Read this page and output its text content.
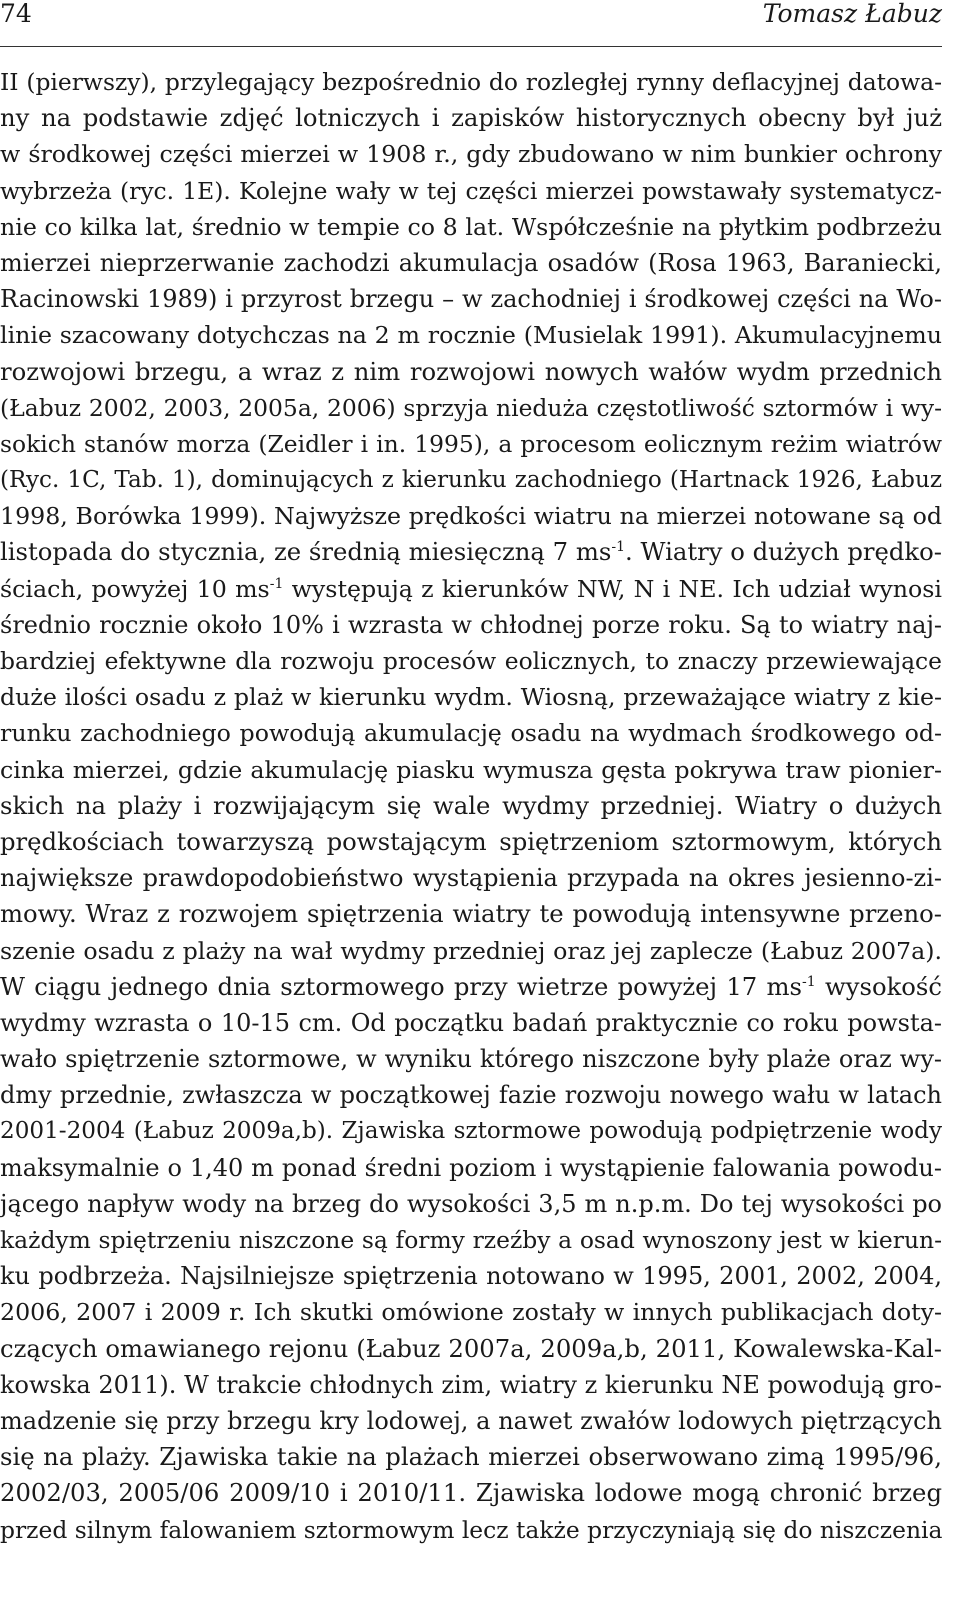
74	Tomasz Łabuz
II (pierwszy), przylegający bezpośrednio do rozległej rynny deflacyjnej datowa-
ny na podstawie zdjęć lotniczych i zapisków historycznych obecny był już
w środkowej części mierzei w 1908 r., gdy zbudowano w nim bunkier ochrony
wybrzeża (ryc. 1E). Kolejne wały w tej części mierzei powstawały systematycz-
nie co kilka lat, średnio w tempie co 8 lat. Współcześnie na płytkim podbrzeżu
mierzei nieprzerwanie zachodzi akumulacja osadów (Rosa 1963, Baraniecki,
Racinowski 1989) i przyrost brzegu – w zachodniej i środkowej części na Wo-
linie szacowany dotychczas na 2 m rocznie (Musielak 1991). Akumulacyjnemu
rozwojowi brzegu, a wraz z nim rozwojowi nowych wałów wydm przednich
(Łabuz 2002, 2003, 2005a, 2006) sprzyja nieduża częstotliwość sztormów i wy-
sokich stanów morza (Zeidler i in. 1995), a procesom eolicznym reżim wiatrów
(Ryc. 1C, Tab. 1), dominujących z kierunku zachodniego (Hartnack 1926, Łabuz
1998, Borówka 1999). Najwyższe prędkości wiatru na mierzei notowane są od
listopada do stycznia, ze średnią miesięczną 7 $ms^{-1}$. Wiatry o dużych prędko-
ściach, powyżej 10 $ms^{-1}$ występują z kierunków NW, N i NE. Ich udział wynosi
średnio rocznie około 10% i wzrasta w chłodnej porze roku. Są to wiatry naj-
bardziej efektywne dla rozwoju procesów eolicznych, to znaczy przewiewające
duże ilości osadu z plaż w kierunku wydm. Wiosną, przeważające wiatry z kie-
runku zachodniego powodują akumulację osadu na wydmach środkowego od-
cinka mierzei, gdzie akumulację piasku wymusza gęsta pokrywa traw pionier-
skich na plaży i rozwijającym się wale wydmy przedniej. Wiatry o dużych
prędkościach towarzyszą powstającym spiętrzeniom sztormowym, których
największe prawdopodobieństwo wystąpienia przypada na okres jesienno-zi-
mowy. Wraz z rozwojem spiętrzenia wiatry te powodują intensywne przeno-
szenie osadu z plaży na wał wydmy przedniej oraz jej zaplecze (Łabuz 2007a).
W ciągu jednego dnia sztormowego przy wietrze powyżej 17 $ms^{-1}$ wysokość
wydmy wzrasta o 10-15 cm. Od początku badań praktycznie co roku powsta-
wało spiętrzenie sztormowe, w wyniku którego niszczone były plaże oraz wy-
dmy przednie, zwłaszcza w początkowej fazie rozwoju nowego wału w latach
2001-2004 (Łabuz 2009a,b). Zjawiska sztormowe powodują podpiętrzenie wody
maksymalnie o 1,40 m ponad średni poziom i wystąpienie falowania powodu-
jącego napływ wody na brzeg do wysokości 3,5 m n.p.m. Do tej wysokości po
każdym spiętrzeniu niszczone są formy rzeźby a osad wynoszony jest w kierun-
ku podbrzeża. Najsilniejsze spiętrzenia notowano w 1995, 2001, 2002, 2004,
2006, 2007 i 2009 r. Ich skutki omówione zostały w innych publikacjach doty-
czących omawianego rejonu (Łabuz 2007a, 2009a,b, 2011, Kowalewska-Kal-
kowska 2011). W trakcie chłodnych zim, wiatry z kierunku NE powodują gro-
madzenie się przy brzegu kry lodowej, a nawet zwałów lodowych piętrzących
się na plaży. Zjawiska takie na plażach mierzei obserwowano zimą 1995/96,
2002/03, 2005/06 2009/10 i 2010/11. Zjawiska lodowe mogą chronić brzeg
przed silnym falowaniem sztormowym lecz także przyczyniają się do niszczenia
